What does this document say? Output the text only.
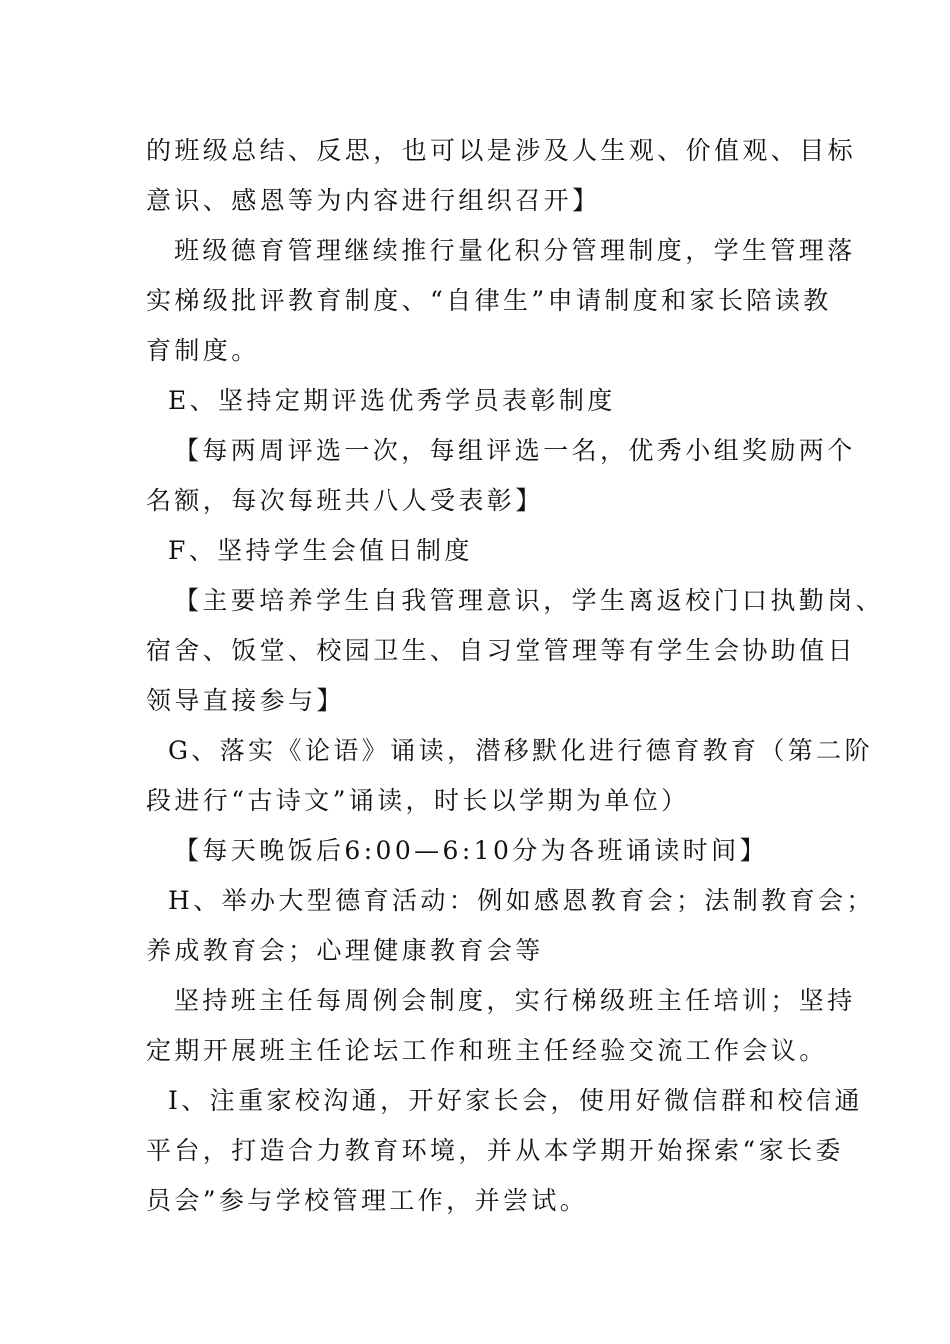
的班级总结、反思，也可以是涉及人生观、价值观、目标
意识、感恩等为内容进行组织召开】
班级德育管理继续推行量化积分管理制度，学生管理落
实梯级批评教育制度、“自律生”申请制度和家长陪读教
育制度。
E、坚持定期评选优秀学员表彰制度
【每两周评选一次，每组评选一名，优秀小组奖励两个
名额，每次每班共八人受表彰】
F、坚持学生会值日制度
【主要培养学生自我管理意识，学生离返校门口执勤岗、
宿舍、饭堂、校园卫生、自习堂管理等有学生会协助值日
领导直接参与】
G、落实《论语》诵读，潜移默化进行德育教育（第二阶
段进行“古诗文”诵读，时长以学期为单位）
【每天晚饭后6:00—6:10分为各班诵读时间】
H、举办大型德育活动：例如感恩教育会；法制教育会；
养成教育会；心理健康教育会等
坚持班主任每周例会制度，实行梯级班主任培训；坚持
定期开展班主任论坛工作和班主任经验交流工作会议。
I、注重家校沟通，开好家长会，使用好微信群和校信通
平台，打造合力教育环境，并从本学期开始探索“家长委
员会”参与学校管理工作，并尝试。
